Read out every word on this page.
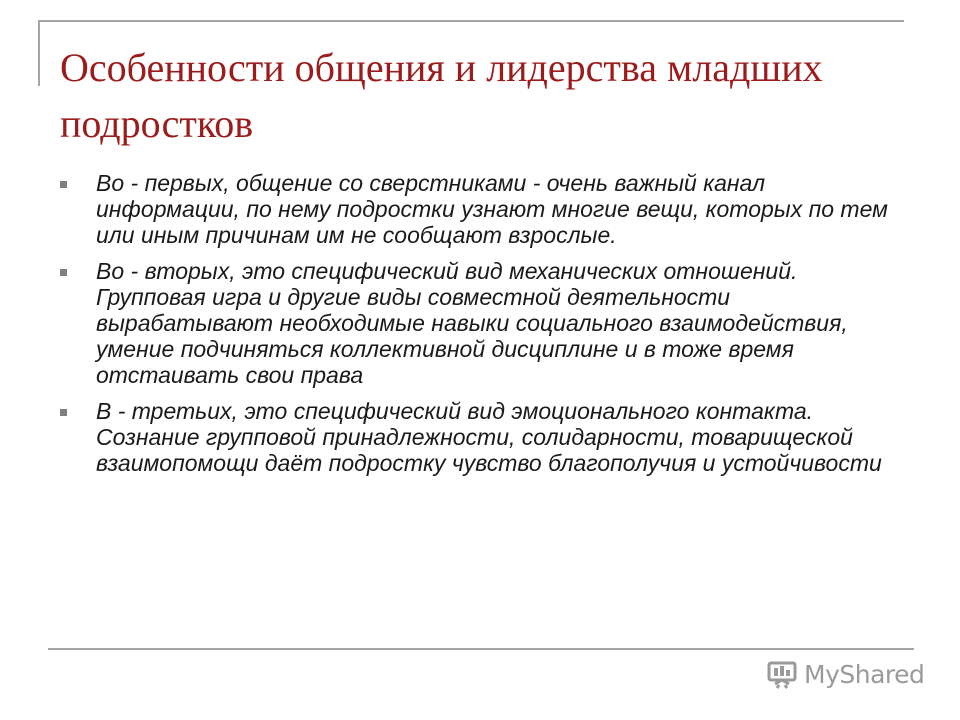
Особенности общения и лидерства младших подростков
Во - первых, общение со сверстниками - очень важный канал информации, по нему подростки узнают многие вещи, которых по тем или иным причинам им не сообщают взрослые.
Во - вторых, это специфический вид механических отношений. Групповая игра и другие виды совместной деятельности вырабатывают необходимые навыки социального взаимодействия, умение подчиняться коллективной дисциплине и в тоже время отстаивать свои права
В - третьих, это специфический вид эмоционального контакта. Сознание групповой принадлежности, солидарности, товарищеской взаимопомощи даёт подростку чувство благополучия и устойчивости
MyShared
